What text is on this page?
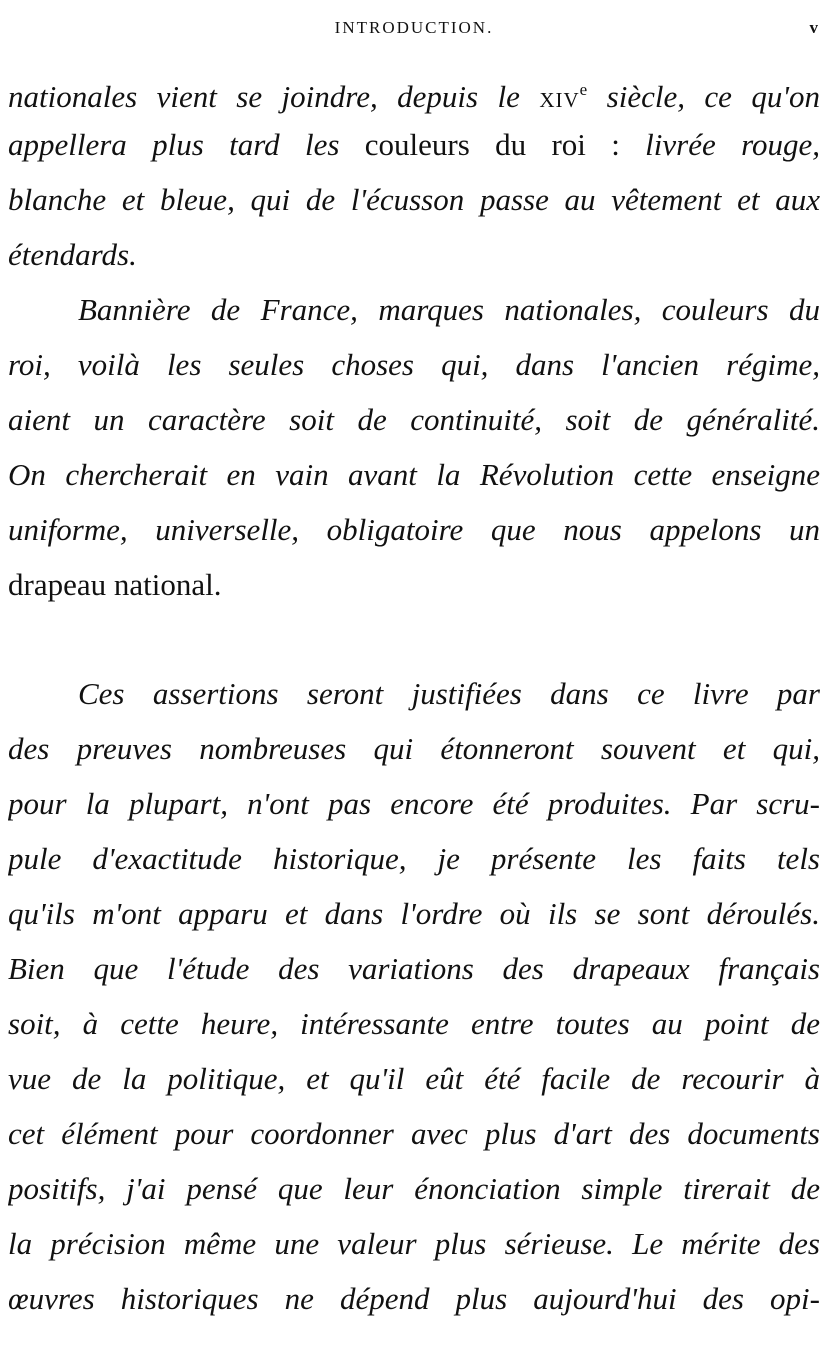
INTRODUCTION.	v
nationales vient se joindre, depuis le XIVe siècle, ce qu'on
appellera plus tard les couleurs du roi : livrée rouge,
blanche et bleue, qui de l'écusson passe au vêtement et aux
étendards.
Bannière de France, marques nationales, couleurs du
roi, voilà les seules choses qui, dans l'ancien régime,
aient un caractère soit de continuité, soit de généralité.
On chercherait en vain avant la Révolution cette enseigne
uniforme, universelle, obligatoire que nous appelons un
drapeau national.
Ces assertions seront justifiées dans ce livre par
des preuves nombreuses qui étonneront souvent et qui,
pour la plupart, n'ont pas encore été produites. Par scru-
pule d'exactitude historique, je présente les faits tels
qu'ils m'ont apparu et dans l'ordre où ils se sont déroulés.
Bien que l'étude des variations des drapeaux français
soit, à cette heure, intéressante entre toutes au point de
vue de la politique, et qu'il eût été facile de recourir à
cet élément pour coordonner avec plus d'art des documents
positifs, j'ai pensé que leur énonciation simple tirerait de
la précision même une valeur plus sérieuse. Le mérite des
œuvres historiques ne dépend plus aujourd'hui des opi-
